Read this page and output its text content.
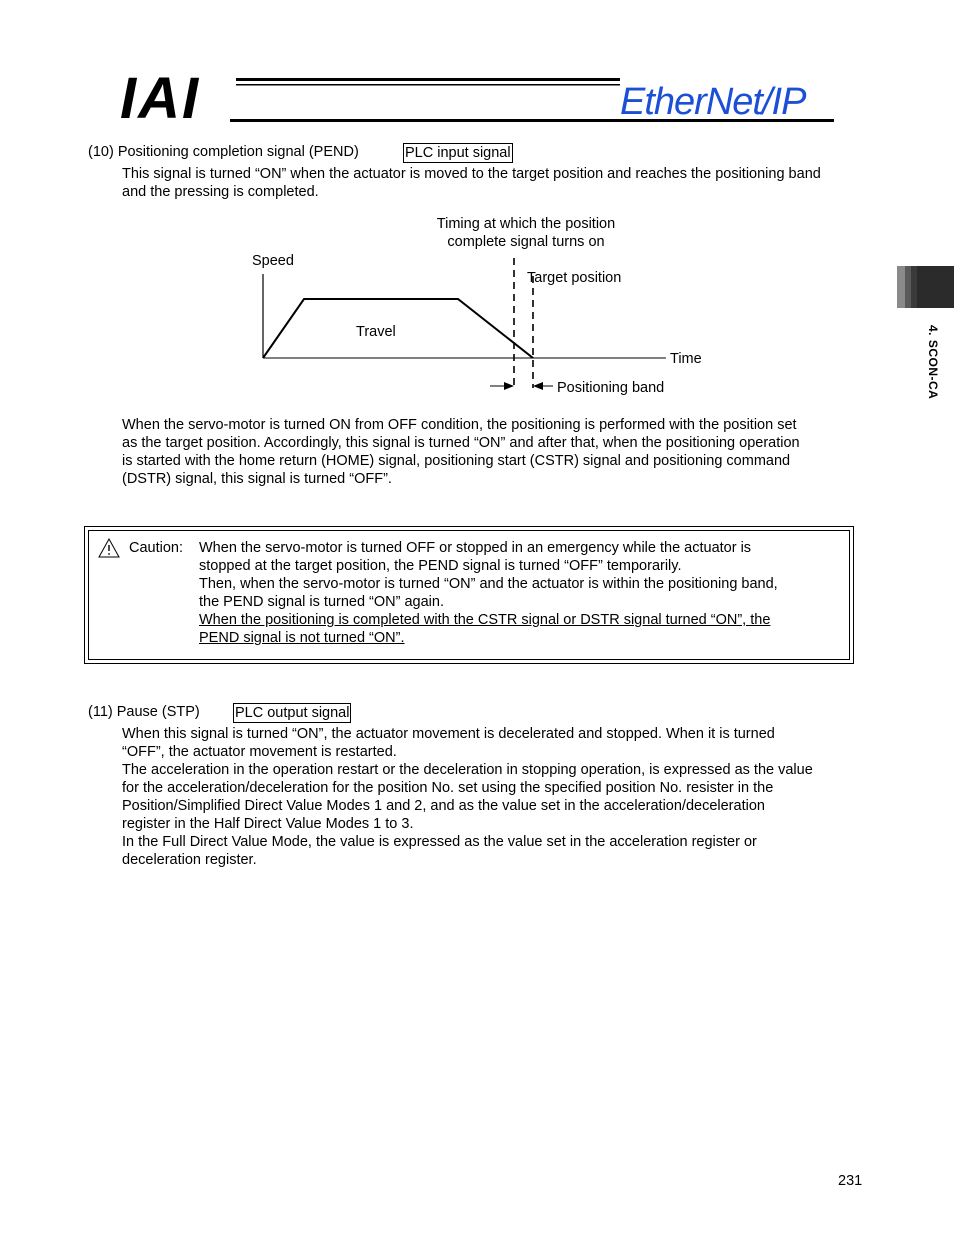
IAI	EtherNet/IP
4. SCON-CA
(10) Positioning completion signal (PEND)	PLC input signal
This signal is turned “ON” when the actuator is moved to the target position and reaches the positioning band and the pressing is completed.
Timing at which the position
complete signal turns on
Speed
Target position
Travel
Time
Positioning band
When the servo-motor is turned ON from OFF condition, the positioning is performed with the position set
as the target position. Accordingly, this signal is turned “ON” and after that, when the positioning operation
is started with the home return (HOME) signal, positioning start (CSTR) signal and positioning command
(DSTR) signal, this signal is turned “OFF”.
Caution: When the servo-motor is turned OFF or stopped in an emergency while the actuator is
stopped at the target position, the PEND signal is turned “OFF” temporarily.
Then, when the servo-motor is turned “ON” and the actuator is within the positioning band,
the PEND signal is turned “ON” again.
When the positioning is completed with the CSTR signal or DSTR signal turned “ON”, the
PEND signal is not turned “ON”.
(11) Pause (STP) PLC output signal
When this signal is turned “ON”, the actuator movement is decelerated and stopped. When it is turned
“OFF”, the actuator movement is restarted.
The acceleration in the operation restart or the deceleration in stopping operation, is expressed as the value
for the acceleration/deceleration for the position No. set using the specified position No. resister in the
Position/Simplified Direct Value Modes 1 and 2, and as the value set in the acceleration/deceleration
register in the Half Direct Value Modes 1 to 3.
In the Full Direct Value Mode, the value is expressed as the value set in the acceleration register or
deceleration register.
231
